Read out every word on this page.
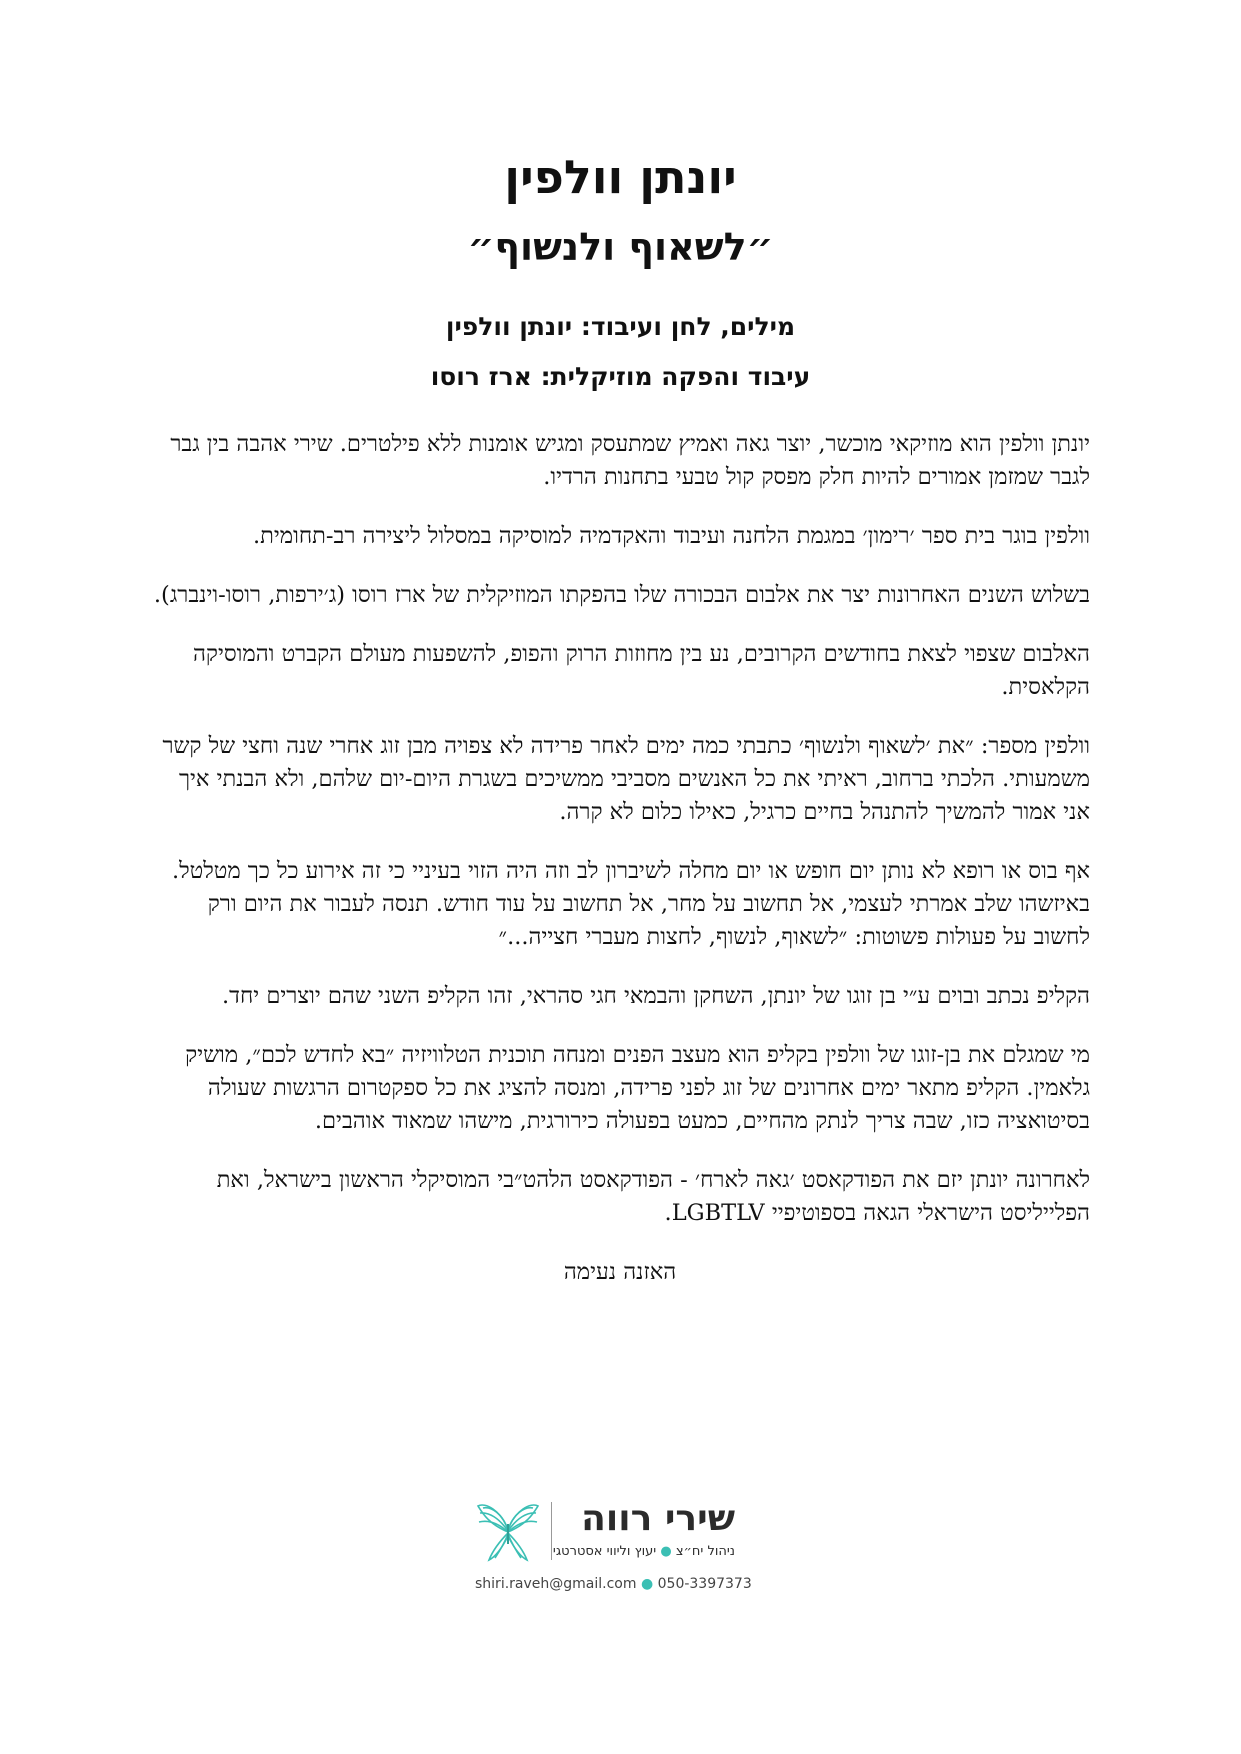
יונתן וולפין
״לשאוף ולנשוף״
מילים, לחן ועיבוד: יונתן וולפין
עיבוד והפקה מוזיקלית: ארז רוסו

יונתן וולפין הוא מוזיקאי מוכשר, יוצר גאה ואמיץ שמתעסק ומגיש אומנות ללא פילטרים. שירי אהבה בין גבר לגבר שמזמן אמורים להיות חלק מפסק קול טבעי בתחנות הרדיו.

וולפין בוגר בית ספר ׳רימון׳ במגמת הלחנה ועיבוד והאקדמיה למוסיקה במסלול ליצירה רב-תחומית.

בשלוש השנים האחרונות יצר את אלבום הבכורה שלו בהפקתו המוזיקלית של ארז רוסו (ג׳ירפות, רוסו-וינברג).

האלבום שצפוי לצאת בחודשים הקרובים, נע בין מחוזות הרוק והפופ, להשפעות מעולם הקברט והמוסיקה הקלאסית.

וולפין מספר: ״את ׳לשאוף ולנשוף׳ כתבתי כמה ימים לאחר פרידה לא צפויה מבן זוג אחרי שנה וחצי של קשר משמעותי. הלכתי ברחוב, ראיתי את כל האנשים מסביבי ממשיכים בשגרת היום-יום שלהם, ולא הבנתי איך אני אמור להמשיך להתנהל בחיים כרגיל, כאילו כלום לא קרה.

אף בוס או רופא לא נותן יום חופש או יום מחלה לשיברון לב וזה היה הזוי בעיניי כי זה אירוע כל כך מטלטל. באיזשהו שלב אמרתי לעצמי, אל תחשוב על מחר, אל תחשוב על עוד חודש. תנסה לעבור את היום ורק לחשוב על פעולות פשוטות: ״לשאוף, לנשוף, לחצות מעברי חצייה...״

הקליפ נכתב ובוים ע״י בן זוגו של יונתן, השחקן והבמאי חגי סהראי, זהו הקליפ השני שהם יוצרים יחד.

מי שמגלם את בן-זוגו של וולפין בקליפ הוא מעצב הפנים ומנחה תוכנית הטלוויזיה ״בא לחדש לכם״, מושיק גלאמין. הקליפ מתאר ימים אחרונים של זוג לפני פרידה, ומנסה להציג את כל ספקטרום הרגשות שעולה בסיטואציה כזו, שבה צריך לנתק מהחיים, כמעט בפעולה כירורגית, מישהו שמאוד אוהבים.

לאחרונה יונתן יזם את הפודקאסט ׳גאה לארח׳ - הפודקאסט הלהט״בי המוסיקלי הראשון בישראל, ואת הפלייליסט הישראלי הגאה בספוטיפיי LGBTLV.

האזנה נעימה

שירי רווה
ניהול יח״צ ● יעוץ וליווי אסטרטגי
shiri.raveh@gmail.com ● 050-3397373
